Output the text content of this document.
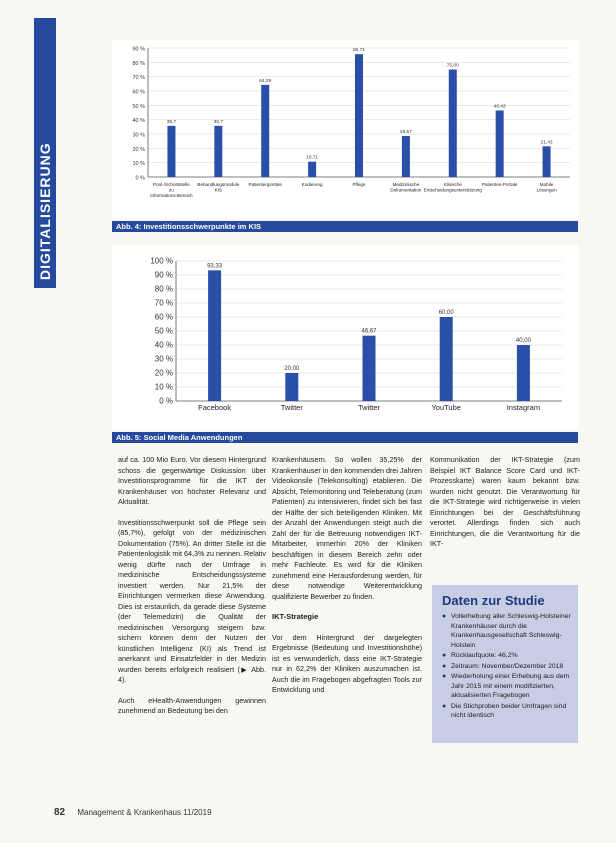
DIGITALISIERUNG	0 %
10 %
20 %
30 %
40 %
50 %
60 %
70 %
80 %
90 %
35,7
Pool-/Schnittstelle zu Informations-Bereich
35,7
Behandlungsmodule KIS
64,29
Patientenportale
10,71
Kodierung
85,71
Pflege
28,57
Medizinische Dokumentation
75,00
Klinische Entscheidungsunterstützung
46,43
Patienten-Portale
21,43
Mobile Lösungen
Abb. 4: Investitionsschwerpunkte im KIS
0 %
10 %
20 %
30 %
40 %
50 %
60 %
70 %
80 %
90 %
100 %
93,33
Facebook
20,00
Twitter
46,67
Twitter
60,00
YouTube
40,00
Instagram
Abb. 5: Social Media Anwendungen

auf ca. 100 Mio Euro. Vor diesem Hintergrund schoss die gegenwärtige Diskussion über Investitionsprogramme für die IKT der Krankenhäuser von höchster Relevanz und Aktualität.

Investitionsschwerpunkt soll die Pflege sein (85,7%), gefolgt von der medizinischen Dokumentation (75%). An dritter Stelle ist die Patientenlogistik mit 64,3% zu nennen. Relativ wenig dürfte nach der Umfrage in medizinische Entscheidungssysteme investiert werden. Nur 21,5% der Einrichtungen vermerken diese Anwendung. Dies ist erstaunlich, da gerade diese Systeme (der Telemedizin) die Qualität der medizinischen Versorgung steigern bzw. sichern können denn der Nutzen der künstlichen Intelligenz (KI) als Trend ist anerkannt und Einsatzfelder in der Medizin wurden bereits erfolgreich realisiert (▶ Abb. 4).

Auch eHealth-Anwendungen gewinnen zunehmend an Bedeutung bei den

Krankenhäusern. So wollen 35,25% der Krankenhäuser in den kommenden drei Jahren Videokonsile (Telekonsulting) etablieren. Die Absicht, Telemonitoring und Teleberatung (zum Patienten) zu intensivieren, findet sich bei fast der Hälfte der sich beteiligenden Kliniken. Mit der Anzahl der Anwendungen steigt auch die Zahl der für die Betreuung notwendigen IKT-Mitarbeiter, immerhin 20% der Kliniken beschäftigen in diesem Bereich zehn oder mehr Fachleute. Es wird für die Kliniken zunehmend eine Herausforderung werden, für diese notwendige Weiterentwicklung qualifizierte Bewerber zu finden.

IKT-Strategie

Vor dem Hintergrund der dargelegten Ergebnisse (Bedeutung und Investitionshöhe) ist es verwunderlich, dass eine IKT-Strategie nur in 62,2% der Kliniken auszumachen ist. Auch die im Fragebogen abgefragten Tools zur Entwicklung und

Kommunikation der IKT-Strategie (zum Beispiel IKT Balance Score Card und IKT-Prozesskarte) waren kaum bekannt bzw. wurden nicht genutzt. Die Verantwortung für die IKT-Strategie wird richtigerweise in vielen Einrichtungen bei der Geschäftsführung verortet. Allerdings finden sich auch Einrichtungen, die die Verantwortung für die IKT-

Daten zur Studie
● Vollerhebung aller Schleswig-Holsteiner Krankenhäuser durch die Krankenhausgesellschaft Schleswig-Holstein
● Rücklaufquote: 46,2%
● Zeitraum: November/Dezember 2018
● Wiederholung einer Erhebung aus dem Jahr 2015 mit einem modifizierten, aktualisierten Fragebogen
● Die Stichproben beider Umfragen sind nicht identisch
82 Management & Krankenhaus 11/2019
